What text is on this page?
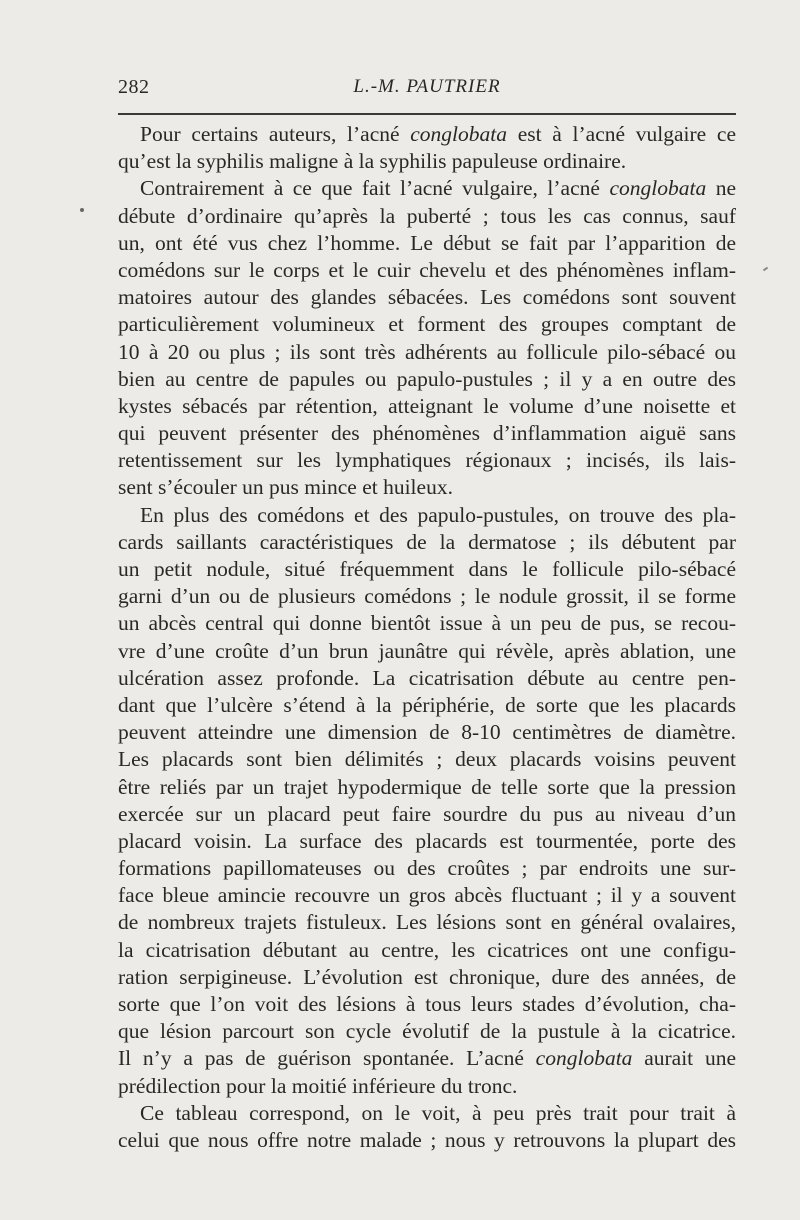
282	L.-M. PAUTRIER
Pour certains auteurs, l’acné conglobata est à l’acné vulgaire ce
qu’est la syphilis maligne à la syphilis papuleuse ordinaire.
Contrairement à ce que fait l’acné vulgaire, l’acné conglobata ne
débute d’ordinaire qu’après la puberté ; tous les cas connus, sauf
un, ont été vus chez l’homme. Le début se fait par l’apparition de
comédons sur le corps et le cuir chevelu et des phénomènes inflam-
matoires autour des glandes sébacées. Les comédons sont souvent
particulièrement volumineux et forment des groupes comptant de
10 à 20 ou plus ; ils sont très adhérents au follicule pilo-sébacé ou
bien au centre de papules ou papulo-pustules ; il y a en outre des
kystes sébacés par rétention, atteignant le volume d’une noisette et
qui peuvent présenter des phénomènes d’inflammation aiguë sans
retentissement sur les lymphatiques régionaux ; incisés, ils lais-
sent s’écouler un pus mince et huileux.
En plus des comédons et des papulo-pustules, on trouve des pla-
cards saillants caractéristiques de la dermatose ; ils débutent par
un petit nodule, situé fréquemment dans le follicule pilo-sébacé
garni d’un ou de plusieurs comédons ; le nodule grossit, il se forme
un abcès central qui donne bientôt issue à un peu de pus, se recou-
vre d’une croûte d’un brun jaunâtre qui révèle, après ablation, une
ulcération assez profonde. La cicatrisation débute au centre pen-
dant que l’ulcère s’étend à la périphérie, de sorte que les placards
peuvent atteindre une dimension de 8-10 centimètres de diamètre.
Les placards sont bien délimités ; deux placards voisins peuvent
être reliés par un trajet hypodermique de telle sorte que la pression
exercée sur un placard peut faire sourdre du pus au niveau d’un
placard voisin. La surface des placards est tourmentée, porte des
formations papillomateuses ou des croûtes ; par endroits une sur-
face bleue amincie recouvre un gros abcès fluctuant ; il y a souvent
de nombreux trajets fistuleux. Les lésions sont en général ovalaires,
la cicatrisation débutant au centre, les cicatrices ont une configu-
ration serpigineuse. L’évolution est chronique, dure des années, de
sorte que l’on voit des lésions à tous leurs stades d’évolution, cha-
que lésion parcourt son cycle évolutif de la pustule à la cicatrice.
Il n’y a pas de guérison spontanée. L’acné conglobata aurait une
prédilection pour la moitié inférieure du tronc.
Ce tableau correspond, on le voit, à peu près trait pour trait à
celui que nous offre notre malade ; nous y retrouvons la plupart des
